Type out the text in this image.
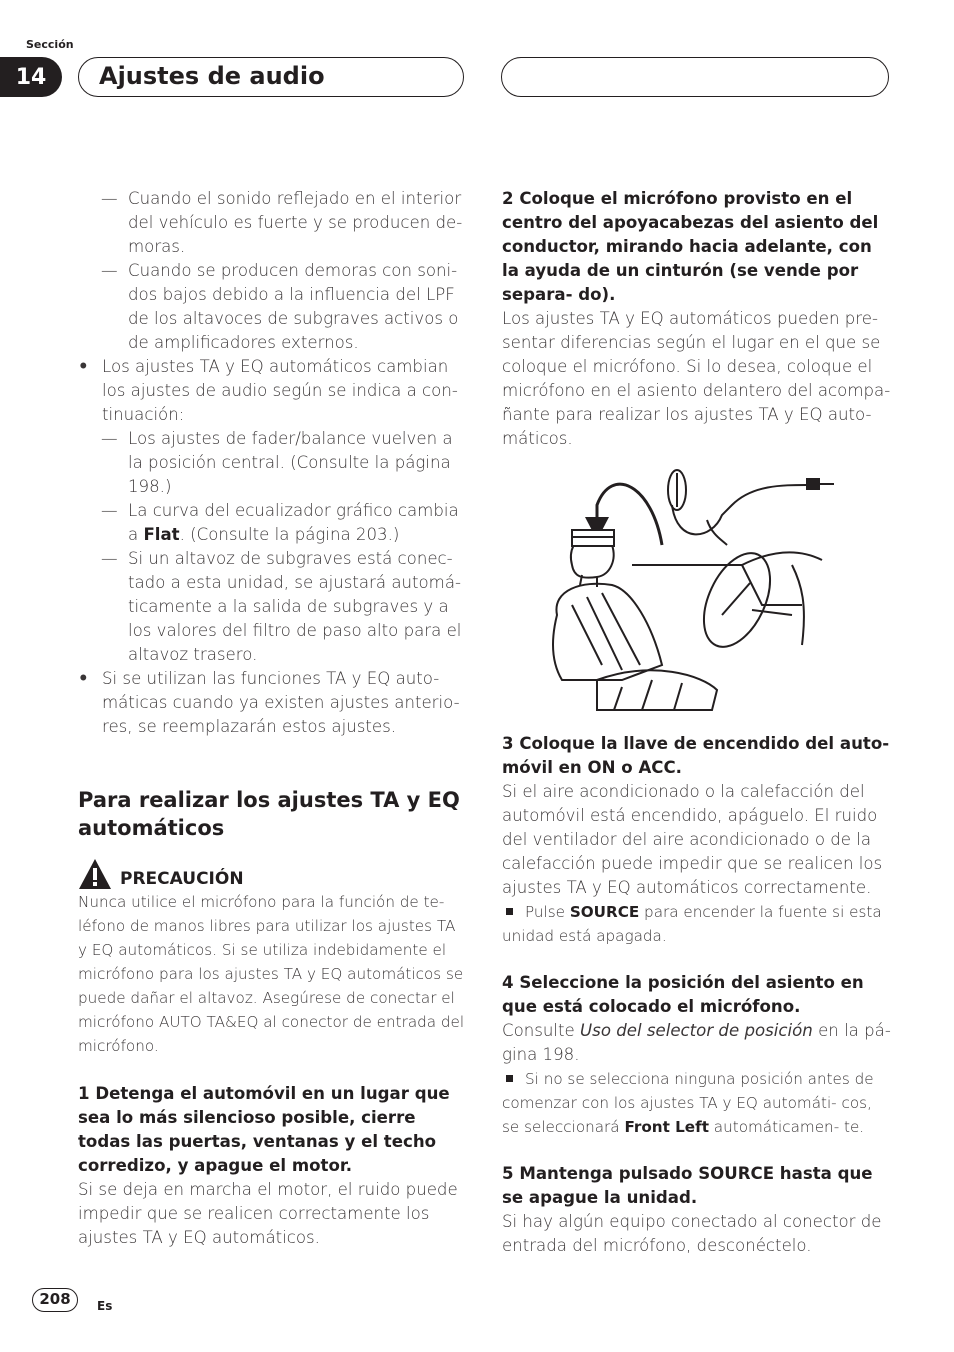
Sección
14	Ajustes de audio
— Cuando el sonido reflejado en el interior del vehículo es fuerte y se producen de- moras.
— Cuando se producen demoras con soni- dos bajos debido a la influencia del LPF de los altavoces de subgraves activos o de amplificadores externos.
• Los ajustes TA y EQ automáticos cambian los ajustes de audio según se indica a con- tinuación:
— Los ajustes de fader/balance vuelven a la posición central. (Consulte la página 198.)
— La curva del ecualizador gráfico cambia a Flat. (Consulte la página 203.)
— Si un altavoz de subgraves está conec- tado a esta unidad, se ajustará automá- ticamente a la salida de subgraves y a los valores del filtro de paso alto para el altavoz trasero.
• Si se utilizan las funciones TA y EQ auto- máticas cuando ya existen ajustes anterio- res, se reemplazarán estos ajustes.
Para realizar los ajustes TA y EQ automáticos
PRECAUCIÓN
Nunca utilice el micrófono para la función de te- léfono de manos libres para utilizar los ajustes TA y EQ automáticos. Si se utiliza indebidamente el micrófono para los ajustes TA y EQ automáticos se puede dañar el altavoz. Asegúrese de conectar el micrófono AUTO TA&EQ al conector de entrada del micrófono.
1 Detenga el automóvil en un lugar que sea lo más silencioso posible, cierre todas las puertas, ventanas y el techo corredizo, y apague el motor.
Si se deja en marcha el motor, el ruido puede impedir que se realicen correctamente los ajustes TA y EQ automáticos.
2 Coloque el micrófono provisto en el centro del apoyacabezas del asiento del conductor, mirando hacia adelante, con la ayuda de un cinturón (se vende por separa- do).
Los ajustes TA y EQ automáticos pueden pre- sentar diferencias según el lugar en el que se coloque el micrófono. Si lo desea, coloque el micrófono en el asiento delantero del acompa- ñante para realizar los ajustes TA y EQ auto- máticos.
3 Coloque la llave de encendido del auto- móvil en ON o ACC.
Si el aire acondicionado o la calefacción del automóvil está encendido, apáguelo. El ruido del ventilador del aire acondicionado o de la calefacción puede impedir que se realicen los ajustes TA y EQ automáticos correctamente.
Pulse SOURCE para encender la fuente si esta unidad está apagada.
4 Seleccione la posición del asiento en que está colocado el micrófono.
Consulte Uso del selector de posición en la pá- gina 198.
Si no se selecciona ninguna posición antes de comenzar con los ajustes TA y EQ automáti- cos, se seleccionará Front Left automáticamen- te.
5 Mantenga pulsado SOURCE hasta que se apague la unidad.
Si hay algún equipo conectado al conector de entrada del micrófono, desconéctelo.
208	Es
